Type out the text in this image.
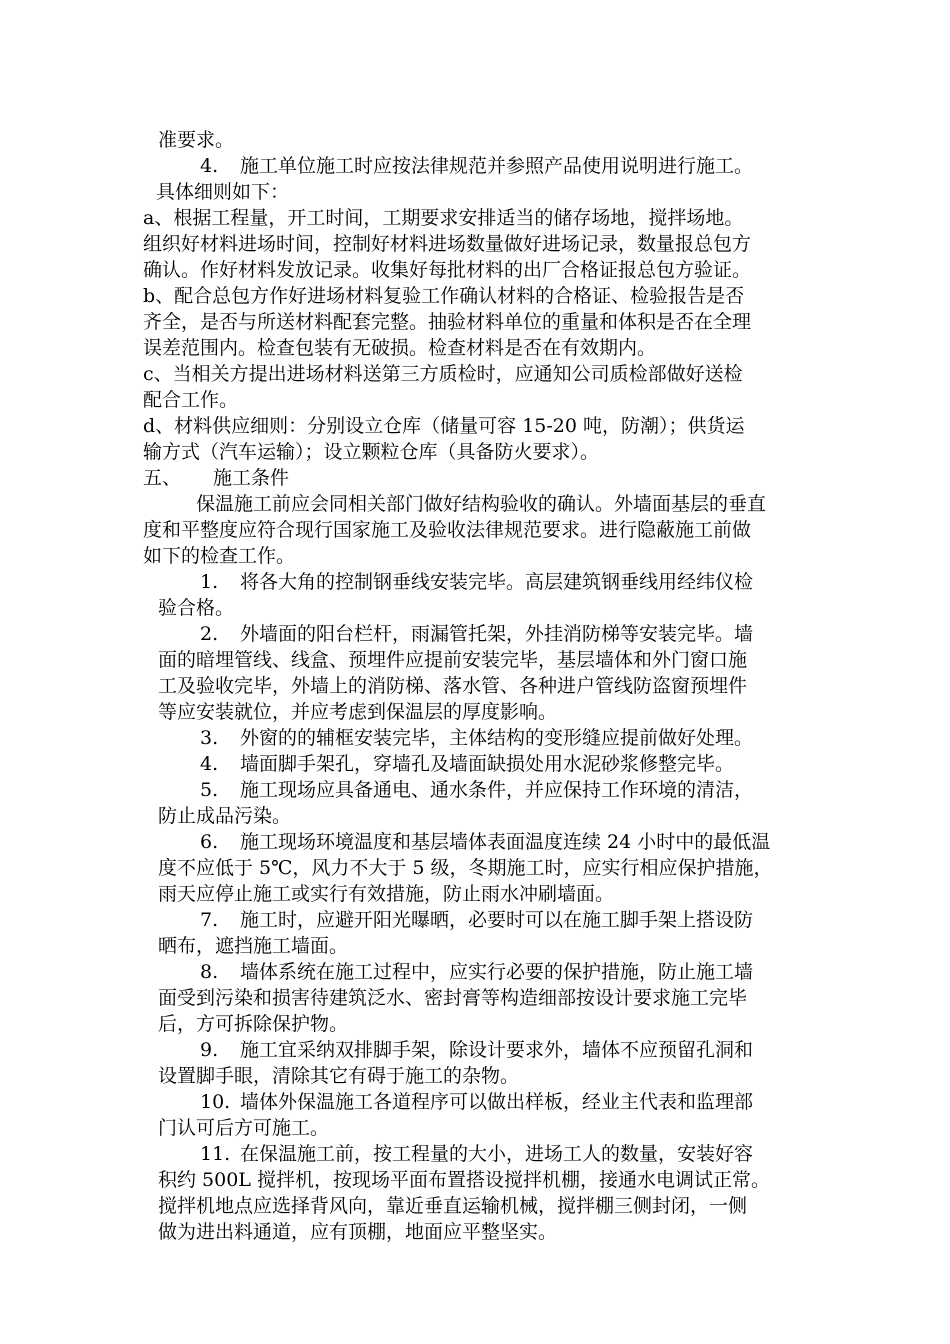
准要求。
4. 施工单位施工时应按法律规范并参照产品使用说明进行施工。
具体细则如下：
a、根据工程量，开工时间，工期要求安排适当的储存场地，搅拌场地。
组织好材料进场时间，控制好材料进场数量做好进场记录，数量报总包方
确认。作好材料发放记录。收集好每批材料的出厂合格证报总包方验证。
b、配合总包方作好进场材料复验工作确认材料的合格证、检验报告是否
齐全，是否与所送材料配套完整。抽验材料单位的重量和体积是否在全理
误差范围内。检查包装有无破损。检查材料是否在有效期内。
c、当相关方提出进场材料送第三方质检时，应通知公司质检部做好送检
配合工作。
d、材料供应细则：分别设立仓库（储量可容 15-20 吨，防潮）；供货运
输方式（汽车运输）；设立颗粒仓库（具备防火要求）。
五、 施工条件
保温施工前应会同相关部门做好结构验收的确认。外墙面基层的垂直
度和平整度应符合现行国家施工及验收法律规范要求。进行隐蔽施工前做
如下的检查工作。
1. 将各大角的控制钢垂线安装完毕。高层建筑钢垂线用经纬仪检
验合格。
2. 外墙面的阳台栏杆，雨漏管托架，外挂消防梯等安装完毕。墙
面的暗埋管线、线盒、预埋件应提前安装完毕，基层墙体和外门窗口施
工及验收完毕，外墙上的消防梯、落水管、各种进户管线防盗窗预埋件
等应安装就位，并应考虑到保温层的厚度影响。
3. 外窗的的辅框安装完毕，主体结构的变形缝应提前做好处理。
4. 墙面脚手架孔，穿墙孔及墙面缺损处用水泥砂浆修整完毕。
5. 施工现场应具备通电、通水条件，并应保持工作环境的清洁，
防止成品污染。
6. 施工现场环境温度和基层墙体表面温度连续 24 小时中的最低温
度不应低于 5℃，风力不大于 5 级，冬期施工时，应实行相应保护措施，
雨天应停止施工或实行有效措施，防止雨水冲刷墙面。
7. 施工时，应避开阳光曝晒，必要时可以在施工脚手架上搭设防
晒布，遮挡施工墙面。
8. 墙体系统在施工过程中，应实行必要的保护措施，防止施工墙
面受到污染和损害待建筑泛水、密封膏等构造细部按设计要求施工完毕
后，方可拆除保护物。
9. 施工宜采纳双排脚手架，除设计要求外，墙体不应预留孔洞和
设置脚手眼，清除其它有碍于施工的杂物。
10. 墙体外保温施工各道程序可以做出样板，经业主代表和监理部
门认可后方可施工。
11. 在保温施工前，按工程量的大小，进场工人的数量，安装好容
积约 500L 搅拌机，按现场平面布置搭设搅拌机棚，接通水电调试正常。
搅拌机地点应选择背风向，靠近垂直运输机械，搅拌棚三侧封闭，一侧
做为进出料通道，应有顶棚，地面应平整坚实。
